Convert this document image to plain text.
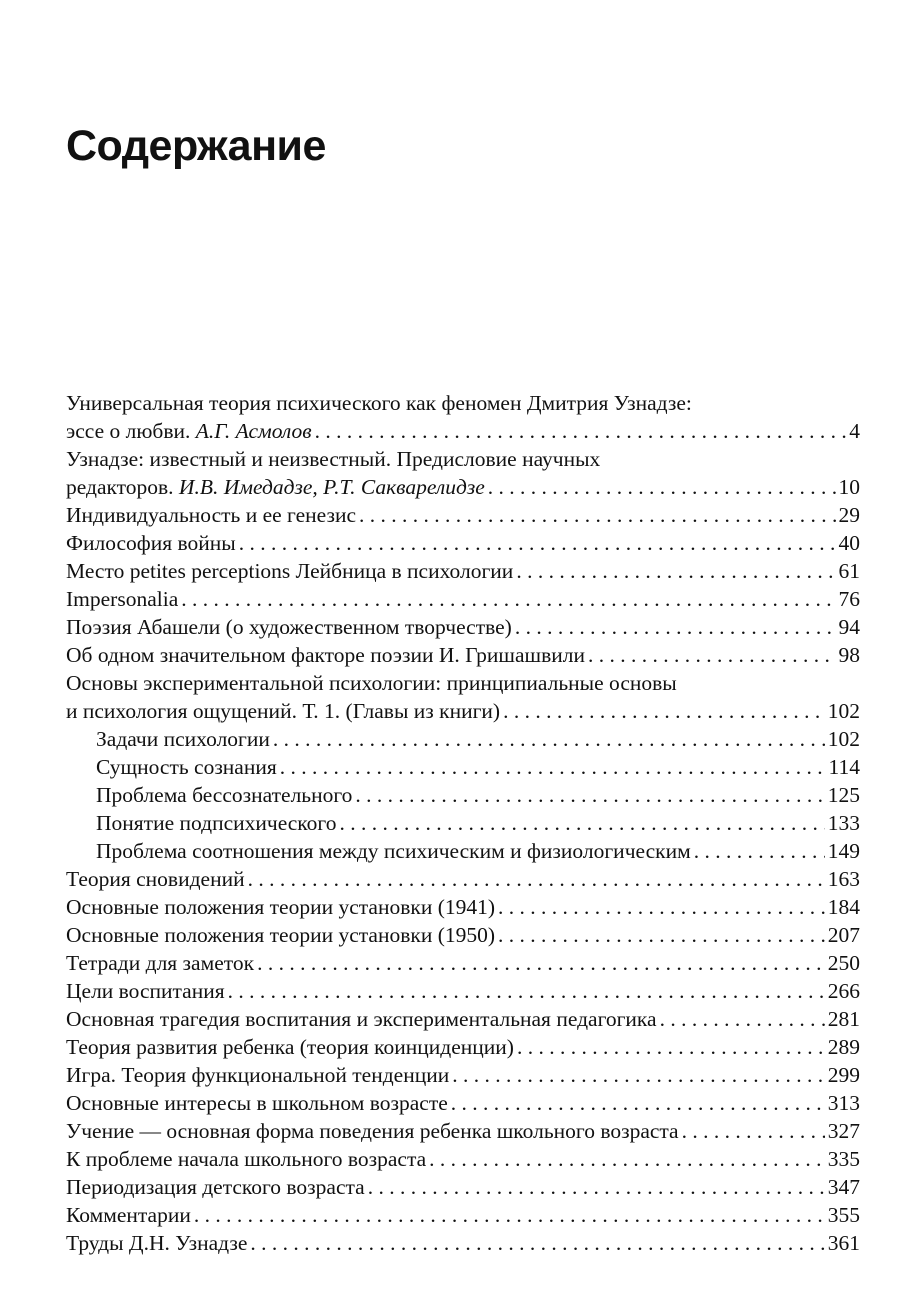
Содержание
Универсальная теория психического как феномен Дмитрия Узнадзе:
эссе о любви. А.Г. Асмолов . . .	4
Узнадзе: известный и неизвестный. Предисловие научных
редакторов. И.В. Имедадзе, Р.Т. Сакварелидзе . . .	10
Индивидуальность и ее генезис . . .	29
Философия войны . . .	40
Место petites perceptions Лейбница в психологии . . .	61
Impersonalia . . .	76
Поэзия Абашели (о художественном творчестве) . . .	94
Об одном значительном факторе поэзии И. Гришашвили . . .	98
Основы экспериментальной психологии: принципиальные основы
и психология ощущений. Т. 1. (Главы из книги) . . .	102
Задачи психологии . . .	102
Сущность сознания . . .	114
Проблема бессознательного . . .	125
Понятие подпсихического . . .	133
Проблема соотношения между психическим и физиологическим . . .	149
Теория сновидений . . .	163
Основные положения теории установки (1941) . . .	184
Основные положения теории установки (1950) . . .	207
Тетради для заметок . . .	250
Цели воспитания . . .	266
Основная трагедия воспитания и экспериментальная педагогика . . .	281
Теория развития ребенка (теория коинциденции) . . .	289
Игра. Теория функциональной тенденции . . .	299
Основные интересы в школьном возрасте . . .	313
Учение — основная форма поведения ребенка школьного возраста . . .	327
К проблеме начала школьного возраста . . .	335
Периодизация детского возраста . . .	347
Комментарии . . .	355
Труды Д.Н. Узнадзе . . .	361
